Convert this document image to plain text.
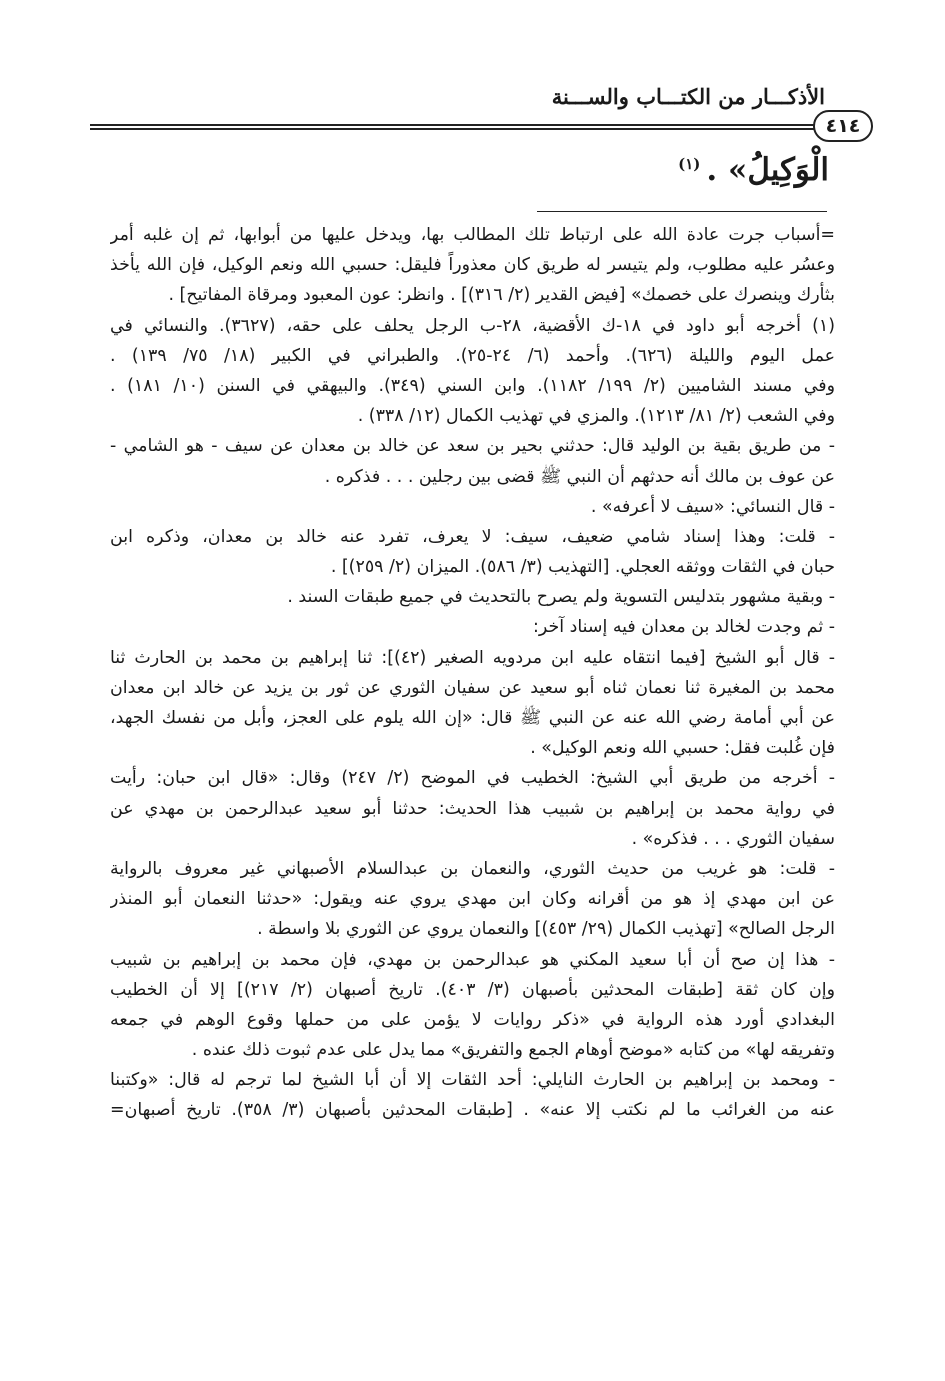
الأذكـــار من الكتـــاب والســـنة
٤١٤
الْوَكِيلُ» .$^{(١)}$
=أسباب جرت عادة الله على ارتباط تلك المطالب بها، ويدخل عليها من أبوابها، ثم إن غلبه أمر
وعسُر عليه مطلوب، ولم يتيسر له طريق كان معذوراً فليقل: حسبي الله ونعم الوكيل، فإن الله يأخذ
بثأرك وينصرك على خصمك» [فيض القدير (٢/ ٣١٦)] . وانظر: عون المعبود ومرقاة المفاتيح] .
(١) أخرجه أبو داود في ١٨-ك الأقضية، ٢٨-ب الرجل يحلف على حقه، (٣٦٢٧). والنسائي في
عمل اليوم والليلة (٦٢٦). وأحمد (٦/ ٢٤-٢٥). والطبراني في الكبير (١٨/ ٧٥/ ١٣٩) .
وفي مسند الشاميين (٢/ ١٩٩/ ١١٨٢). وابن السني (٣٤٩). والبيهقي في السنن (١٠/ ١٨١) .
وفي الشعب (٢/ ٨١/ ١٢١٣). والمزي في تهذيب الكمال (١٢/ ٣٣٨) .
- من طريق بقية بن الوليد قال: حدثني بحير بن سعد عن خالد بن معدان عن سيف - هو الشامي -
عن عوف بن مالك أنه حدثهم أن النبي ﷺ قضى بين رجلين . . . فذكره .
- قال النسائي: «سيف لا أعرفه» .
- قلت: وهذا إسناد شامي ضعيف، سيف: لا يعرف، تفرد عنه خالد بن معدان، وذكره ابن
حبان في الثقات ووثقه العجلي. [التهذيب (٣/ ٥٨٦). الميزان (٢/ ٢٥٩)] .
- وبقية مشهور بتدليس التسوية ولم يصرح بالتحديث في جميع طبقات السند .
- ثم وجدت لخالد بن معدان فيه إسناد آخر:
- قال أبو الشيخ [فيما انتقاه عليه ابن مردويه الصغير (٤٢)]: ثنا إبراهيم بن محمد بن الحارث ثنا
محمد بن المغيرة ثنا نعمان ثناه أبو سعيد عن سفيان الثوري عن ثور بن يزيد عن خالد ابن معدان
عن أبي أمامة رضي الله عنه عن النبي ﷺ قال: «إن الله يلوم على العجز، وأبل من نفسك الجهد،
فإن غُلبت فقل: حسبي الله ونعم الوكيل» .
- أخرجه من طريق أبي الشيخ: الخطيب في الموضح (٢/ ٢٤٧) وقال: «قال ابن حبان: رأيت
في رواية محمد بن إبراهيم بن شبيب هذا الحديث: حدثنا أبو سعيد عبدالرحمن بن مهدي عن
سفيان الثوري . . . فذكره» .
- قلت: هو غريب من حديث الثوري، والنعمان بن عبدالسلام الأصبهاني غير معروف بالرواية
عن ابن مهدي إذ هو من أقرانه وكان ابن مهدي يروي عنه ويقول: «حدثنا النعمان أبو المنذر
الرجل الصالح» [تهذيب الكمال (٢٩/ ٤٥٣)] والنعمان يروي عن الثوري بلا واسطة .
- هذا إن صح أن أبا سعيد المكني هو عبدالرحمن بن مهدي، فإن محمد بن إبراهيم بن شبيب
وإن كان ثقة [طبقات المحدثين بأصبهان (٣/ ٤٠٣). تاريخ أصبهان (٢/ ٢١٧)] إلا أن الخطيب
البغدادي أورد هذه الرواية في «ذكر روايات لا يؤمن على من حملها وقوع الوهم في جمعه
وتفريقه لها» من كتابه «موضح أوهام الجمع والتفريق» مما يدل على عدم ثبوت ذلك عنده .
- ومحمد بن إبراهيم بن الحارث النايلي: أحد الثقات إلا أن أبا الشيخ لما ترجم له قال: «وكتبنا
عنه من الغرائب ما لم نكتب إلا عنه» . [طبقات المحدثين بأصبهان (٣/ ٣٥٨). تاريخ أصبهان=
